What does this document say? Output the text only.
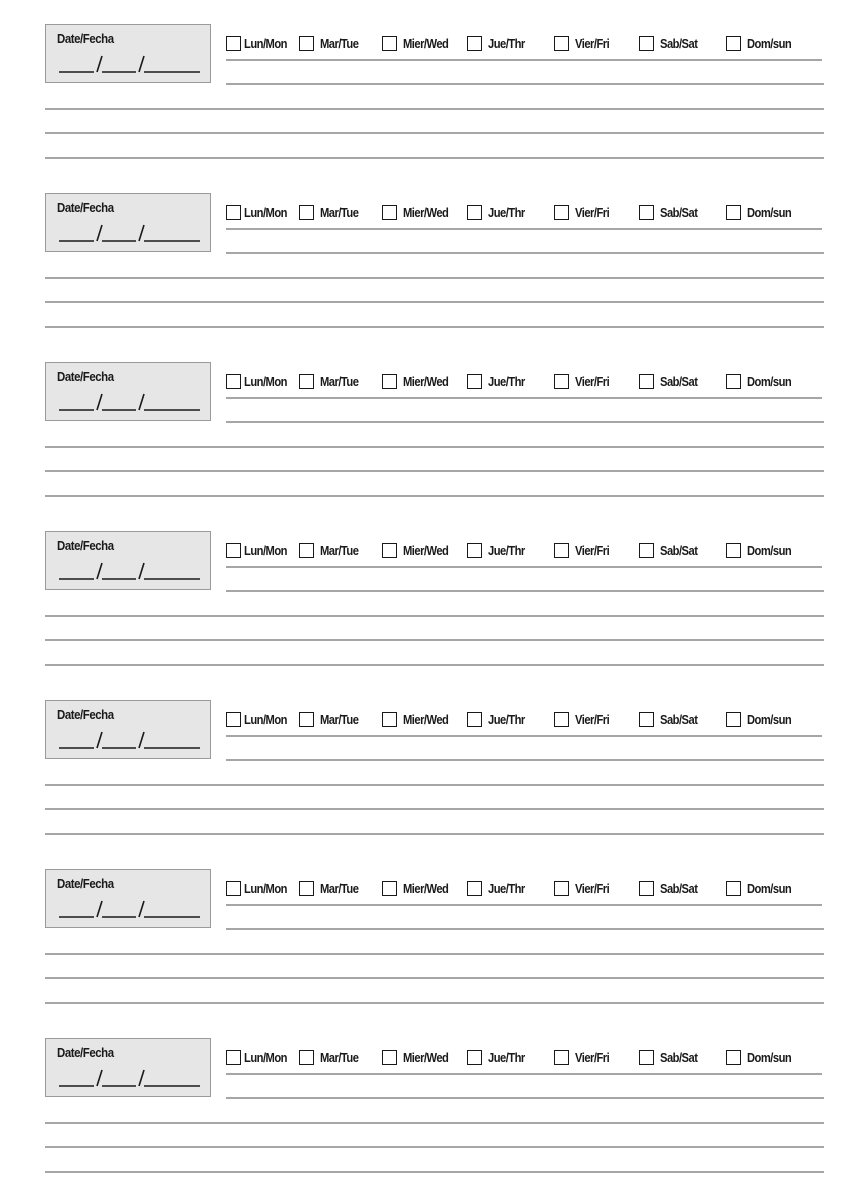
Date/Fecha	Lun/Mon	Mar/Tue	Mier/Wed	Jue/Thr	Vier/Fri	Sab/Sat	Dom/sun
Date/Fecha	Lun/Mon	Mar/Tue	Mier/Wed	Jue/Thr	Vier/Fri	Sab/Sat	Dom/sun
Date/Fecha	Lun/Mon	Mar/Tue	Mier/Wed	Jue/Thr	Vier/Fri	Sab/Sat	Dom/sun
Date/Fecha	Lun/Mon	Mar/Tue	Mier/Wed	Jue/Thr	Vier/Fri	Sab/Sat	Dom/sun
Date/Fecha	Lun/Mon	Mar/Tue	Mier/Wed	Jue/Thr	Vier/Fri	Sab/Sat	Dom/sun
Date/Fecha	Lun/Mon	Mar/Tue	Mier/Wed	Jue/Thr	Vier/Fri	Sab/Sat	Dom/sun
Date/Fecha	Lun/Mon	Mar/Tue	Mier/Wed	Jue/Thr	Vier/Fri	Sab/Sat	Dom/sun
